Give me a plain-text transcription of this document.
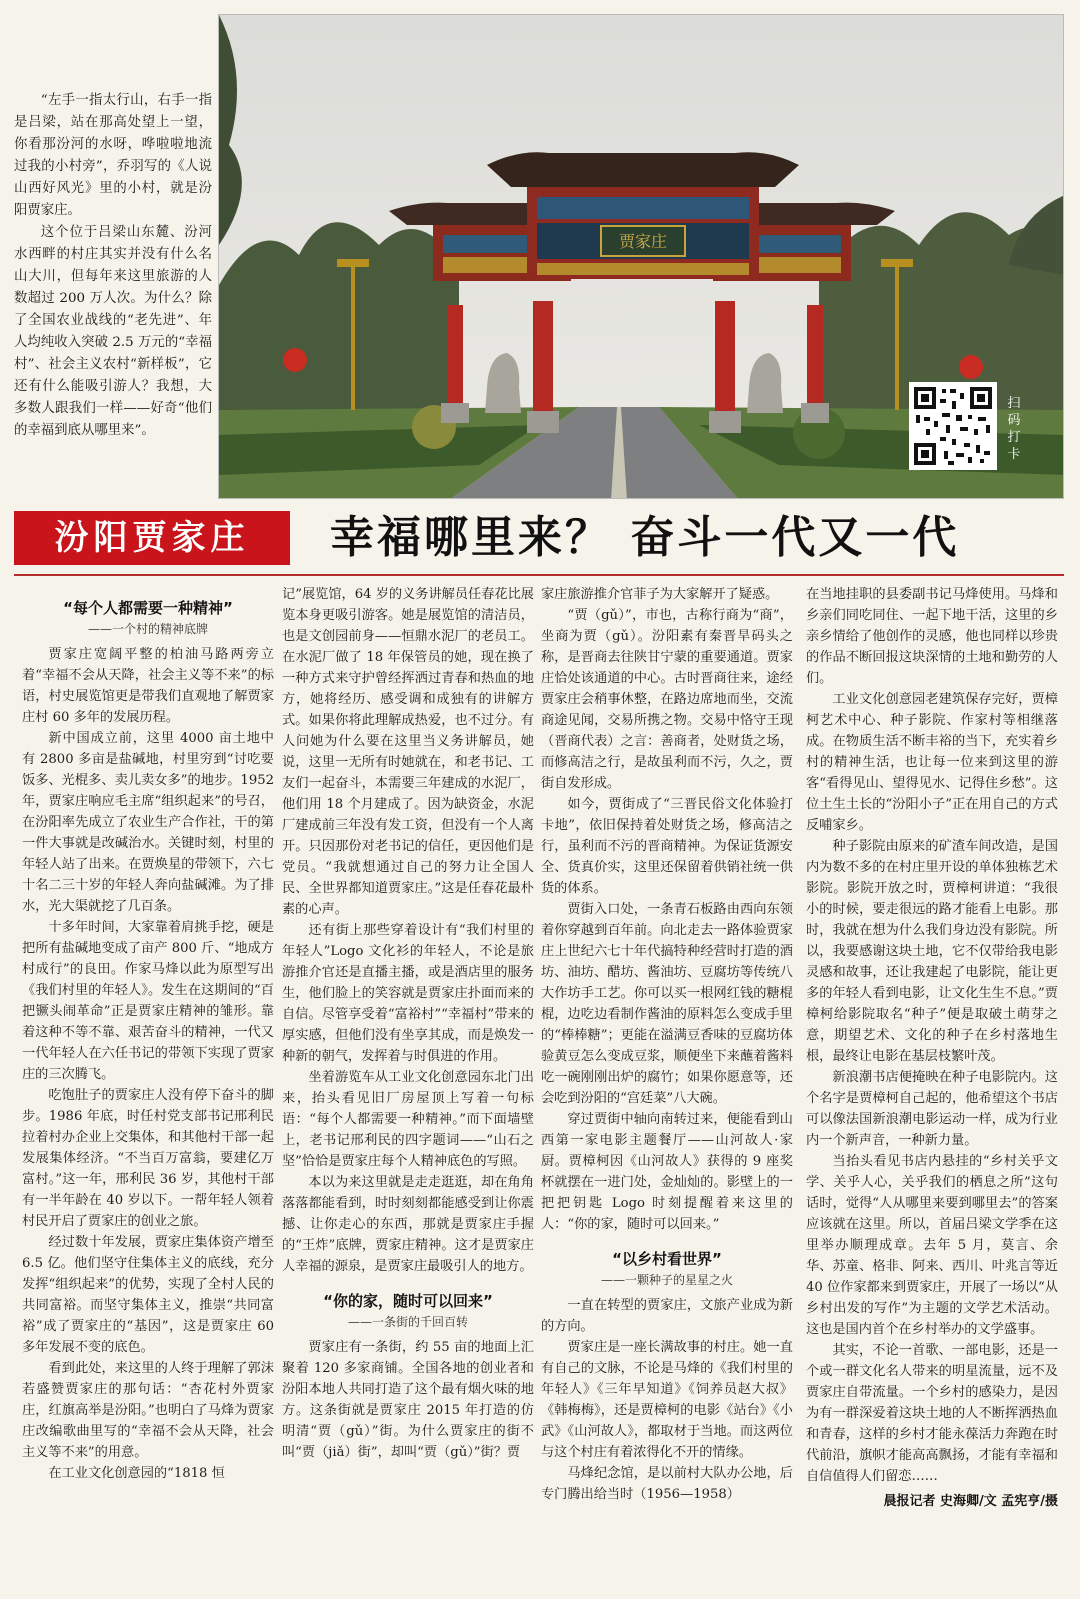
“左手一指太行山，右手一指是吕梁，站在那高处望上一望，你看那汾河的水呀，哗啦啦地流过我的小村旁”，乔羽写的《人说山西好风光》里的小村，就是汾阳贾家庄。

这个位于吕梁山东麓、汾河水西畔的村庄其实并没有什么名山大川，但每年来这里旅游的人数超过 200 万人次。为什么？除了全国农业战线的“老先进”、年人均纯收入突破 2.5 万元的“幸福村”、社会主义农村“新样板”，它还有什么能吸引游人？我想，大多数人跟我们一样——好奇“他们的幸福到底从哪里来”。

贾家庄
扫码打卡
汾阳贾家庄	幸福哪里来？ 奋斗一代又一代
“每个人都需要一种精神”
——一个村的精神底牌

贾家庄宽阔平整的柏油马路两旁立着“幸福不会从天降，社会主义等不来”的标语，村史展览馆更是带我们直观地了解贾家庄村 60 多年的发展历程。

新中国成立前，这里 4000 亩土地中有 2800 多亩是盐碱地，村里穷到“讨吃要饭多、光棍多、卖儿卖女多”的地步。1952 年，贾家庄响应毛主席“组织起来”的号召，在汾阳率先成立了农业生产合作社，干的第一件大事就是改碱治水。关键时刻，村里的年轻人站了出来。在贾焕星的带领下，六七十名二三十岁的年轻人奔向盐碱滩。为了排水，光大渠就挖了几百条。

十多年时间，大家靠着肩挑手挖，硬是把所有盐碱地变成了亩产 800 斤、“地成方村成行”的良田。作家马烽以此为原型写出《我们村里的年轻人》。发生在这期间的“百把镢头闹革命”正是贾家庄精神的雏形。靠着这种不等不靠、艰苦奋斗的精神，一代又一代年轻人在六任书记的带领下实现了贾家庄的三次腾飞。

吃饱肚子的贾家庄人没有停下奋斗的脚步。1986 年底，时任村党支部书记邢利民拉着村办企业上交集体，和其他村干部一起发展集体经济。“不当百万富翁，要建亿万富村。”这一年，邢利民 36 岁，其他村干部有一半年龄在 40 岁以下。一帮年轻人领着村民开启了贾家庄的创业之旅。

经过数十年发展，贾家庄集体资产增至 6.5 亿。他们坚守住集体主义的底线，充分发挥“组织起来”的优势，实现了全村人民的共同富裕。而坚守集体主义，推崇“共同富裕”成了贾家庄的“基因”，这是贾家庄 60 多年发展不变的底色。

看到此处，来这里的人终于理解了郭沫若盛赞贾家庄的那句话：“杏花村外贾家庄，红旗高举是汾阳。”也明白了马烽为贾家庄改编歌曲里写的“幸福不会从天降，社会主义等不来”的用意。

在工业文化创意园的“1818 恒

记”展览馆，64 岁的义务讲解员任春花比展览本身更吸引游客。她是展览馆的清洁员，也是文创园前身——恒鼎水泥厂的老员工。在水泥厂做了 18 年保管员的她，现在换了一种方式来守护曾经挥洒过青春和热血的地方，她将经历、感受调和成独有的讲解方式。如果你将此理解成热爱，也不过分。有人问她为什么要在这里当义务讲解员，她说，这里一无所有时她就在，和老书记、工友们一起奋斗，本需要三年建成的水泥厂，他们用 18 个月建成了。因为缺资金，水泥厂建成前三年没有发工资，但没有一个人离开。只因那份对老书记的信任，更因他们是党员。“我就想通过自己的努力让全国人民、全世界都知道贾家庄。”这是任春花最朴素的心声。

还有街上那些穿着设计有“我们村里的年轻人”Logo 文化衫的年轻人，不论是旅游推介官还是直播主播，或是酒店里的服务生，他们脸上的笑容就是贾家庄扑面而来的自信。尽管享受着“富裕村”“幸福村”带来的厚实感，但他们没有坐享其成，而是焕发一种新的朝气，发挥着与时俱进的作用。

坐着游览车从工业文化创意园东北门出来，抬头看见旧厂房屋顶上写着一句标语：“每个人都需要一种精神。”而下面墙壁上，老书记邢利民的四字题词——“山石之坚”恰恰是贾家庄每个人精神底色的写照。

本以为来这里就是走走逛逛，却在角角落落都能看到，时时刻刻都能感受到让你震撼、让你走心的东西，那就是贾家庄手握的“王炸”底牌，贾家庄精神。这才是贾家庄人幸福的源泉，是贾家庄最吸引人的地方。

“你的家，随时可以回来”
——一条街的千回百转

贾家庄有一条街，约 55 亩的地面上汇聚着 120 多家商铺。全国各地的创业者和汾阳本地人共同打造了这个最有烟火味的地方。这条街就是贾家庄 2015 年打造的仿明清“贾（gǔ）”街。为什么贾家庄的街不叫“贾（jiǎ）街”，却叫“贾（gǔ）”街？贾

家庄旅游推介官菲子为大家解开了疑惑。

“贾（gǔ）”，市也，古称行商为“商”，坐商为贾（gǔ）。汾阳素有秦晋旱码头之称，是晋商去往陕甘宁蒙的重要通道。贾家庄恰处该通道的中心。古时晋商往来，途经贾家庄会稍事休整，在路边席地而坐，交流商途见闻，交易所携之物。交易中恪守王现（晋商代表）之言：善商者，处财货之场，而修高洁之行，是故虽利而不污，久之，贾街自发形成。

如今，贾街成了“三晋民俗文化体验打卡地”，依旧保持着处财货之场，修高洁之行，虽利而不污的晋商精神。为保证货源安全、货真价实，这里还保留着供销社统一供货的体系。

贾街入口处，一条青石板路由西向东领着你穿越到百年前。向北走去一路体验贾家庄上世纪六七十年代搞特种经营时打造的酒坊、油坊、醋坊、酱油坊、豆腐坊等传统八大作坊手工艺。你可以买一根网红钱的糖棍棍，边吃边看制作酱油的原料怎么变成手里的“棒棒糖”；更能在溢满豆香味的豆腐坊体验黄豆怎么变成豆浆，顺便坐下来蘸着酱料吃一碗刚刚出炉的腐竹；如果你愿意等，还会吃到汾阳的“宫廷菜”八大碗。

穿过贾街中轴向南转过来，便能看到山西第一家电影主题餐厅——山河故人·家厨。贾樟柯因《山河故人》获得的 9 座奖杯就摆在一进门处，金灿灿的。影壁上的一把把钥匙 Logo 时刻提醒着来这里的人：“你的家，随时可以回来。”

“以乡村看世界”
——一颗种子的星星之火

一直在转型的贾家庄，文旅产业成为新的方向。

贾家庄是一座长满故事的村庄。她一直有自己的文脉，不论是马烽的《我们村里的年轻人》《三年早知道》《饲养员赵大叔》《韩梅梅》，还是贾樟柯的电影《站台》《小武》《山河故人》，都取材于当地。而这两位与这个村庄有着浓得化不开的情缘。

马烽纪念馆，是以前村大队办公地，后专门腾出给当时（1956—1958）

在当地挂职的县委副书记马烽使用。马烽和乡亲们同吃同住、一起下地干活，这里的乡亲乡情给了他创作的灵感，他也同样以珍贵的作品不断回报这块深情的土地和勤劳的人们。

工业文化创意园老建筑保存完好，贾樟柯艺术中心、种子影院、作家村等相继落成。在物质生活不断丰裕的当下，充实着乡村的精神生活，也让每一位来到这里的游客“看得见山、望得见水、记得住乡愁”。这位土生土长的“汾阳小子”正在用自己的方式反哺家乡。

种子影院由原来的矿渣车间改造，是国内为数不多的在村庄里开设的单体独栋艺术影院。影院开放之时，贾樟柯讲道：“我很小的时候，要走很远的路才能看上电影。那时，我就在想为什么我们身边没有影院。所以，我要感谢这块土地，它不仅带给我电影灵感和故事，还让我建起了电影院，能让更多的年轻人看到电影，让文化生生不息。”贾樟柯给影院取名“种子”便是取破土萌芽之意，期望艺术、文化的种子在乡村落地生根，最终让电影在基层枝繁叶茂。

新浪潮书店便掩映在种子电影院内。这个名字是贾樟柯自己起的，他希望这个书店可以像法国新浪潮电影运动一样，成为行业内一个新声音，一种新力量。

当抬头看见书店内悬挂的“乡村关乎文学、关乎人心，关乎我们的栖息之所”这句话时，觉得“人从哪里来要到哪里去”的答案应该就在这里。所以，首届吕梁文学季在这里举办顺理成章。去年 5 月，莫言、余华、苏童、格非、阿来、西川、叶兆言等近 40 位作家都来到贾家庄，开展了一场以“从乡村出发的写作”为主题的文学艺术活动。这也是国内首个在乡村举办的文学盛事。

其实，不论一首歌、一部电影，还是一个或一群文化名人带来的明星流量，远不及贾家庄自带流量。一个乡村的感染力，是因为有一群深爱着这块土地的人不断挥洒热血和青春，这样的乡村才能永葆活力奔跑在时代前沿，旗帜才能高高飘扬，才能有幸福和自信值得人们留恋……

晨报记者 史海卿/文 孟宪亨/摄
